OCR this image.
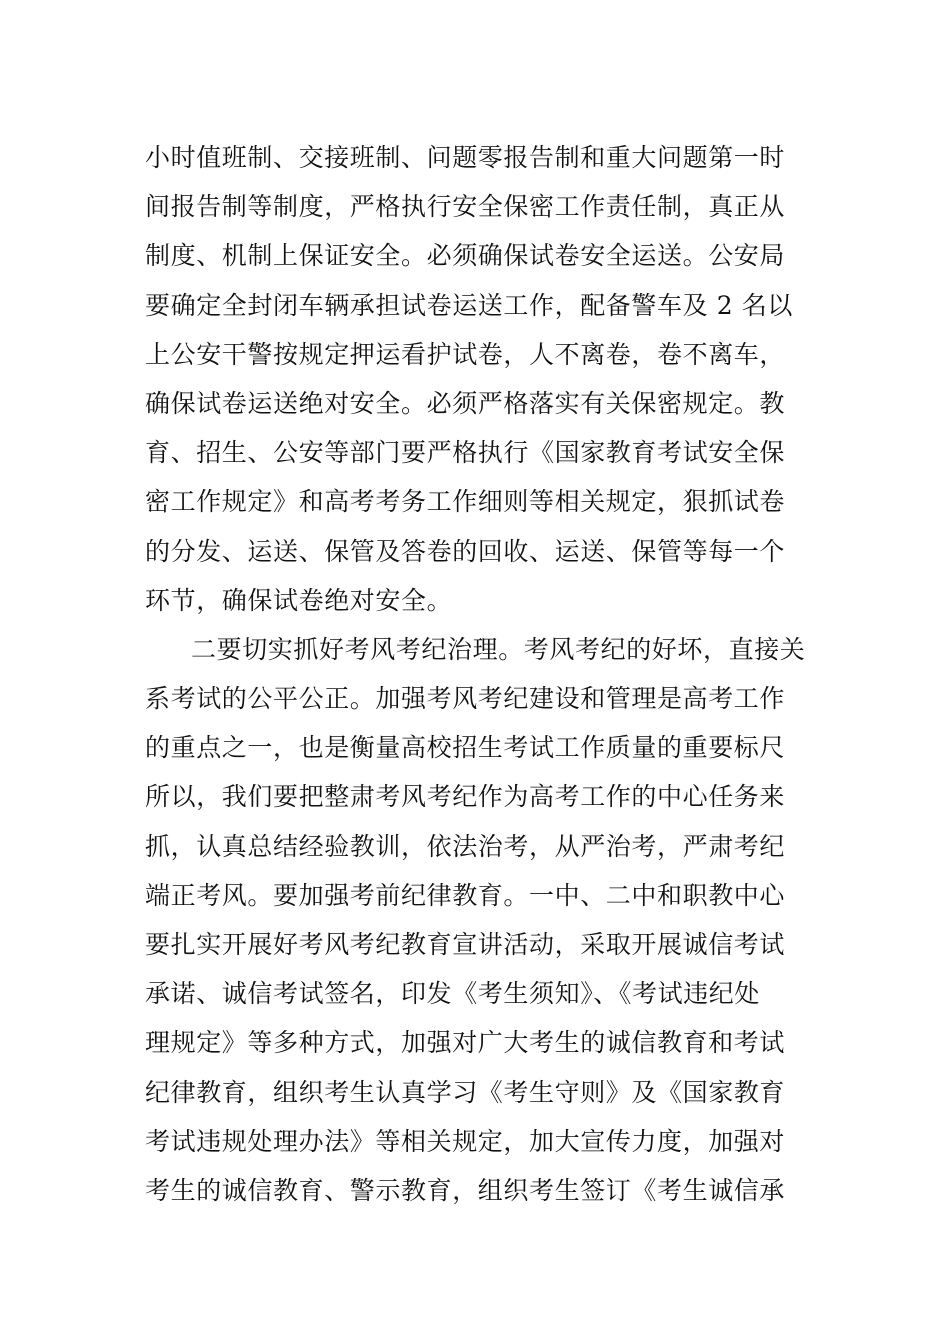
小时值班制、交接班制、问题零报告制和重大问题第一时
间报告制等制度，严格执行安全保密工作责任制，真正从
制度、机制上保证安全。必须确保试卷安全运送。公安局
要确定全封闭车辆承担试卷运送工作，配备警车及 2 名以
上公安干警按规定押运看护试卷，人不离卷，卷不离车，
确保试卷运送绝对安全。必须严格落实有关保密规定。教
育、招生、公安等部门要严格执行《国家教育考试安全保
密工作规定》和高考考务工作细则等相关规定，狠抓试卷
的分发、运送、保管及答卷的回收、运送、保管等每一个
环节，确保试卷绝对安全。
二要切实抓好考风考纪治理。考风考纪的好坏，直接关
系考试的公平公正。加强考风考纪建设和管理是高考工作
的重点之一，也是衡量高校招生考试工作质量的重要标尺
所以，我们要把整肃考风考纪作为高考工作的中心任务来
抓，认真总结经验教训，依法治考，从严治考，严肃考纪
端正考风。要加强考前纪律教育。一中、二中和职教中心
要扎实开展好考风考纪教育宣讲活动，采取开展诚信考试
承诺、诚信考试签名，印发《考生须知》、《考试违纪处
理规定》等多种方式，加强对广大考生的诚信教育和考试
纪律教育，组织考生认真学习《考生守则》及《国家教育
考试违规处理办法》等相关规定，加大宣传力度，加强对
考生的诚信教育、警示教育，组织考生签订《考生诚信承
